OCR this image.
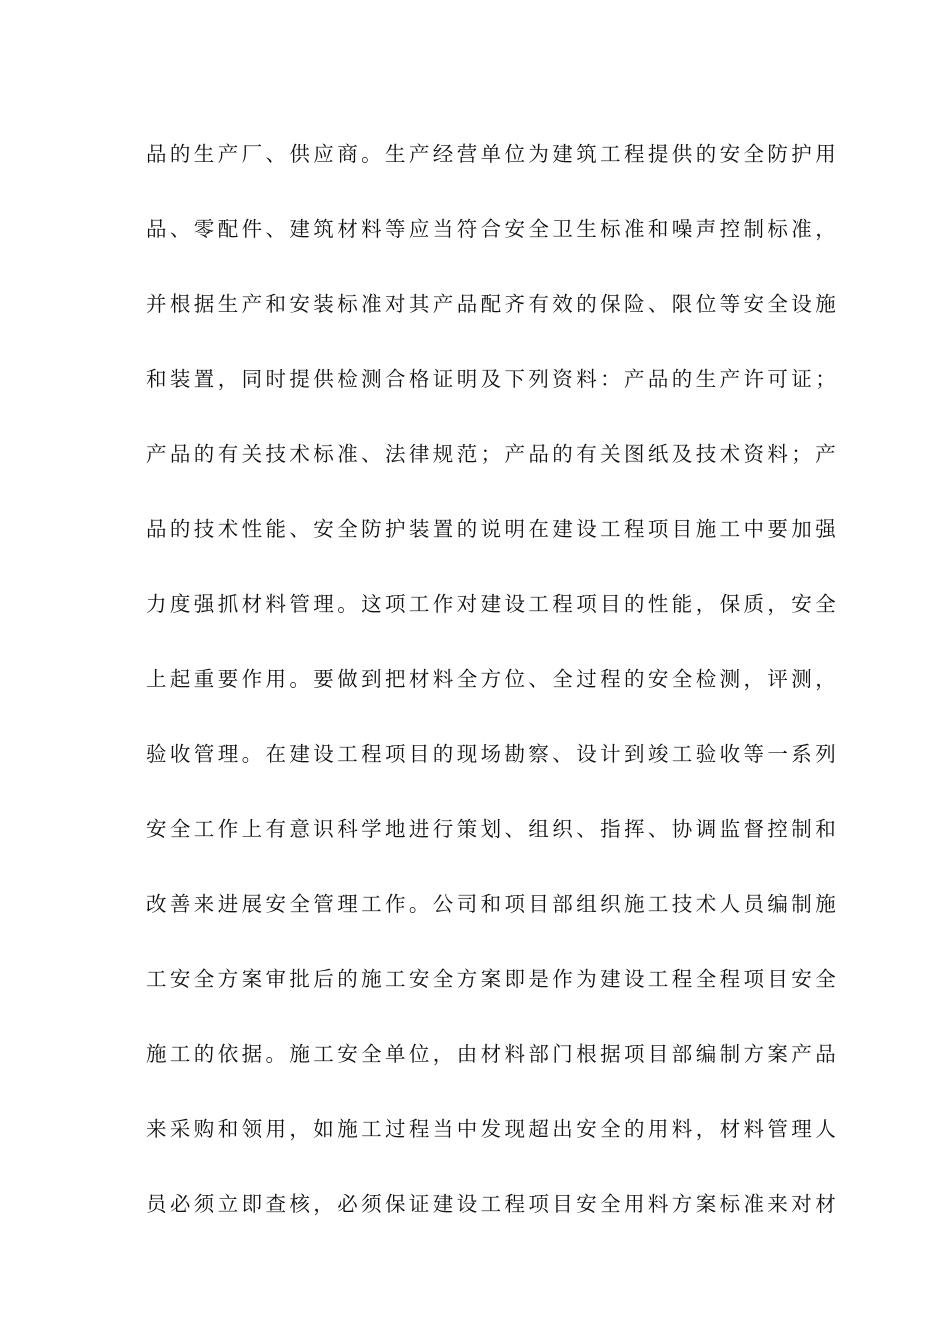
品的生产厂、供应商。生产经营单位为建筑工程提供的安全防护用
品、零配件、建筑材料等应当符合安全卫生标准和噪声控制标准，
并根据生产和安装标准对其产品配齐有效的保险、限位等安全设施
和装置，同时提供检测合格证明及下列资料：产品的生产许可证；
产品的有关技术标准、法律规范；产品的有关图纸及技术资料；产
品的技术性能、安全防护装置的说明在建设工程项目施工中要加强
力度强抓材料管理。这项工作对建设工程项目的性能，保质，安全
上起重要作用。要做到把材料全方位、全过程的安全检测，评测，
验收管理。在建设工程项目的现场勘察、设计到竣工验收等一系列
安全工作上有意识科学地进行策划、组织、指挥、协调监督控制和
改善来进展安全管理工作。公司和项目部组织施工技术人员编制施
工安全方案审批后的施工安全方案即是作为建设工程全程项目安全
施工的依据。施工安全单位，由材料部门根据项目部编制方案产品
来采购和领用，如施工过程当中发现超出安全的用料，材料管理人
员必须立即查核，必须保证建设工程项目安全用料方案标准来对材
